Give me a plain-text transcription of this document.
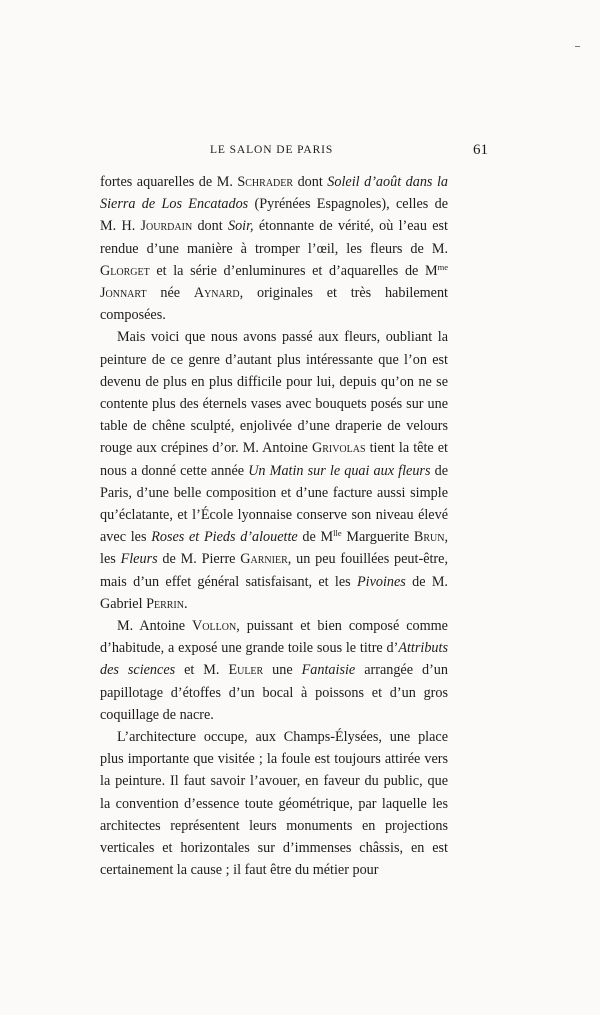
LE SALON DE PARIS	61

fortes aquarelles de M. Schrader dont Soleil d’août dans la Sierra de Los Encatados (Pyrénées Espagnoles), celles de M. H. Jourdain dont Soir, étonnante de vérité, où l’eau est rendue d’une manière à tromper l’œil, les fleurs de M. Glorget et la série d’enluminures et d’aquarelles de $M^{me}$ Jonnart née Aynard, originales et très habilement composées.

Mais voici que nous avons passé aux fleurs, oubliant la peinture de ce genre d’autant plus intéressante que l’on est devenu de plus en plus difficile pour lui, depuis qu’on ne se contente plus des éternels vases avec bouquets posés sur une table de chêne sculpté, enjolivée d’une draperie de velours rouge aux crépines d’or. M. Antoine Grivolas tient la tête et nous a donné cette année Un Matin sur le quai aux fleurs de Paris, d’une belle composition et d’une facture aussi simple qu’éclatante, et l’École lyonnaise conserve son niveau élevé avec les Roses et Pieds d’alouette de $M^{lle}$ Marguerite Brun, les Fleurs de M. Pierre Garnier, un peu fouillées peut-être, mais d’un effet général satisfaisant, et les Pivoines de M. Gabriel Perrin.

M. Antoine Vollon, puissant et bien composé comme d’habitude, a exposé une grande toile sous le titre d’Attributs des sciences et M. Euler une Fantaisie arrangée d’un papillotage d’étoffes d’un bocal à poissons et d’un gros coquillage de nacre.

L’architecture occupe, aux Champs-Élysées, une place plus importante que visitée ; la foule est toujours attirée vers la peinture. Il faut savoir l’avouer, en faveur du public, que la convention d’essence toute géométrique, par laquelle les architectes représentent leurs monuments en projections verticales et horizontales sur d’immenses châssis, en est certainement la cause ; il faut être du métier pour
